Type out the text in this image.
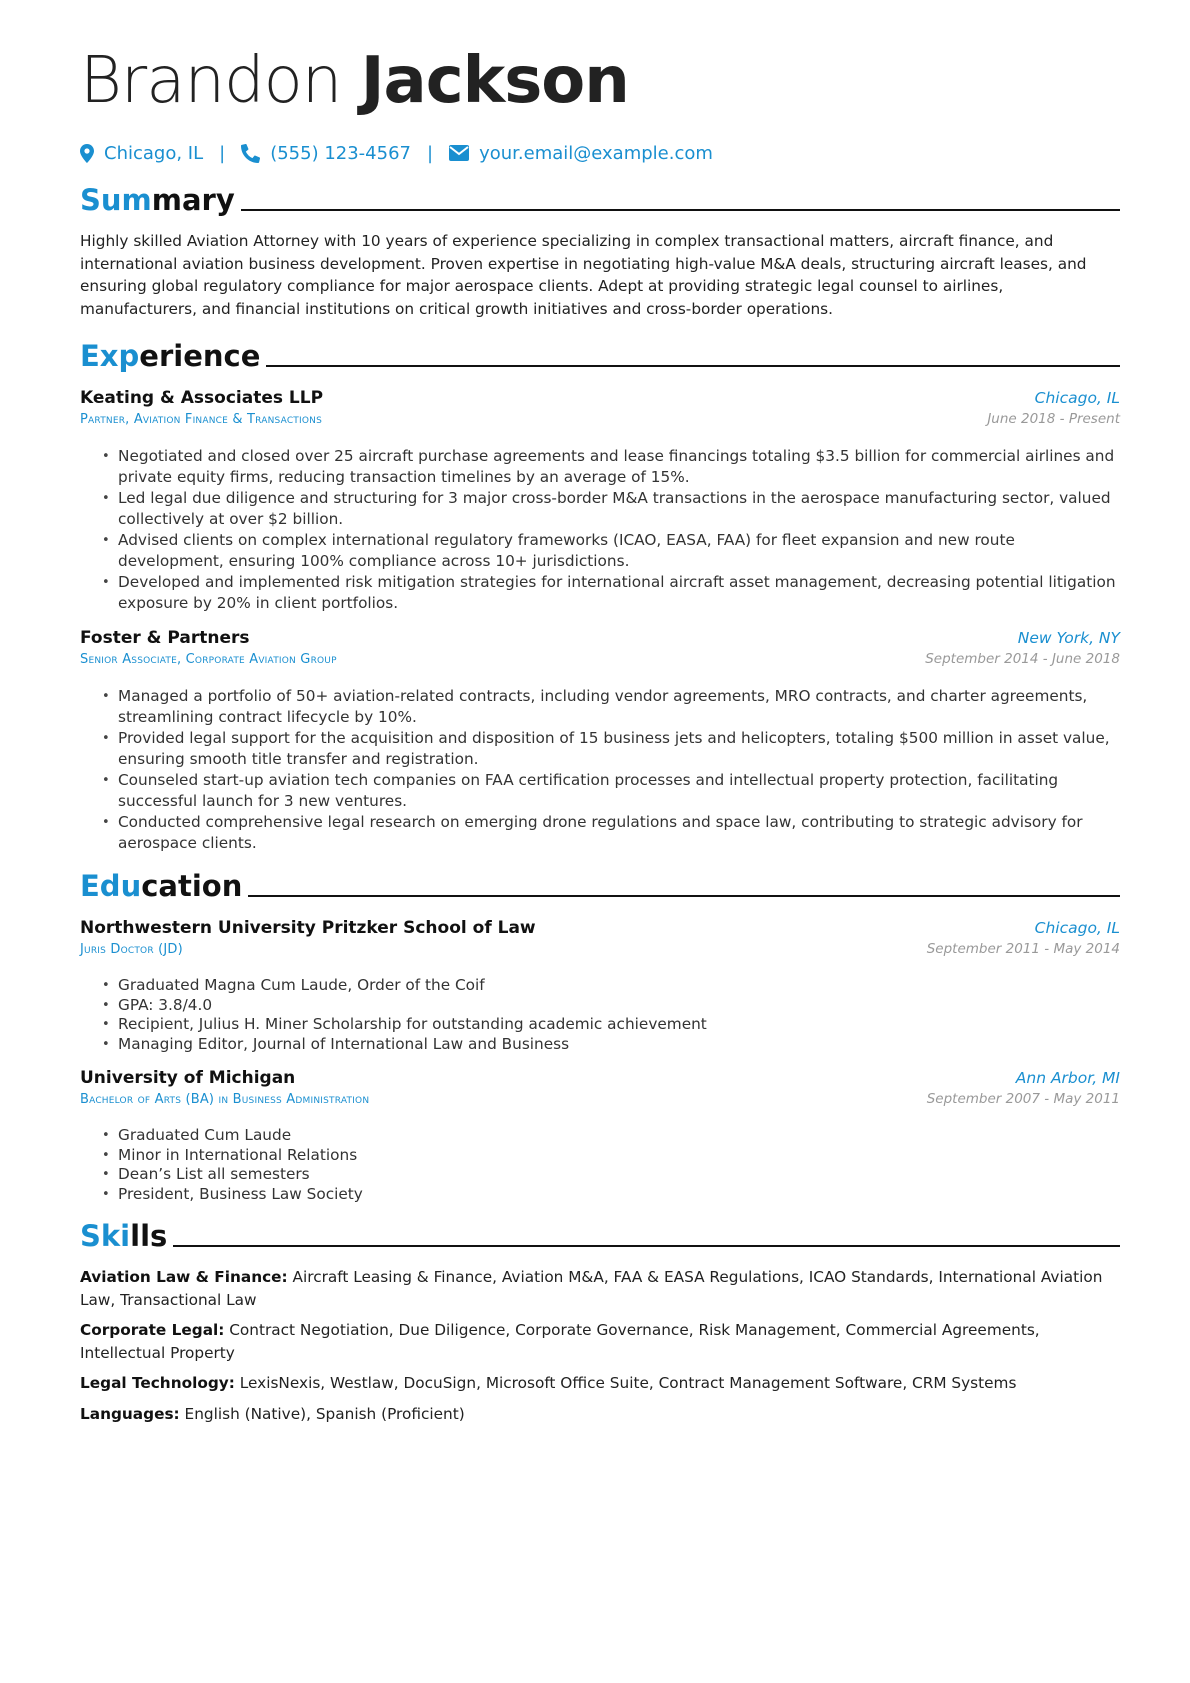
Brandon Jackson
Chicago, IL |	(555) 123-4567 |	your.email@example.com
Summary
Highly skilled Aviation Attorney with 10 years of experience specializing in complex transactional matters, aircraft finance, and international aviation business development. Proven expertise in negotiating high-value M&A deals, structuring aircraft leases, and ensuring global regulatory compliance for major aerospace clients. Adept at providing strategic legal counsel to airlines, manufacturers, and financial institutions on critical growth initiatives and cross-border operations.
Experience
Keating & Associates LLP	Chicago, IL
Partner, Aviation Finance & Transactions	June 2018 - Present
• Negotiated and closed over 25 aircraft purchase agreements and lease financings totaling $3.5 billion for commercial airlines and private equity firms, reducing transaction timelines by an average of 15%.
• Led legal due diligence and structuring for 3 major cross-border M&A transactions in the aerospace manufacturing sector, valued collectively at over $2 billion.
• Advised clients on complex international regulatory frameworks (ICAO, EASA, FAA) for fleet expansion and new route development, ensuring 100% compliance across 10+ jurisdictions.
• Developed and implemented risk mitigation strategies for international aircraft asset management, decreasing potential litigation exposure by 20% in client portfolios.
Foster & Partners	New York, NY
Senior Associate, Corporate Aviation Group	September 2014 - June 2018
• Managed a portfolio of 50+ aviation-related contracts, including vendor agreements, MRO contracts, and charter agreements, streamlining contract lifecycle by 10%.
• Provided legal support for the acquisition and disposition of 15 business jets and helicopters, totaling $500 million in asset value, ensuring smooth title transfer and registration.
• Counseled start-up aviation tech companies on FAA certification processes and intellectual property protection, facilitating successful launch for 3 new ventures.
• Conducted comprehensive legal research on emerging drone regulations and space law, contributing to strategic advisory for aerospace clients.
Education
Northwestern University Pritzker School of Law	Chicago, IL
Juris Doctor (JD)	September 2011 - May 2014
• Graduated Magna Cum Laude, Order of the Coif
• GPA: 3.8/4.0
• Recipient, Julius H. Miner Scholarship for outstanding academic achievement
• Managing Editor, Journal of International Law and Business
University of Michigan	Ann Arbor, MI
Bachelor of Arts (BA) in Business Administration	September 2007 - May 2011
• Graduated Cum Laude
• Minor in International Relations
• Dean’s List all semesters
• President, Business Law Society
Skills
Aviation Law & Finance: Aircraft Leasing & Finance, Aviation M&A, FAA & EASA Regulations, ICAO Standards, International Aviation Law, Transactional Law
Corporate Legal: Contract Negotiation, Due Diligence, Corporate Governance, Risk Management, Commercial Agreements, Intellectual Property
Legal Technology: LexisNexis, Westlaw, DocuSign, Microsoft Office Suite, Contract Management Software, CRM Systems
Languages: English (Native), Spanish (Proficient)
